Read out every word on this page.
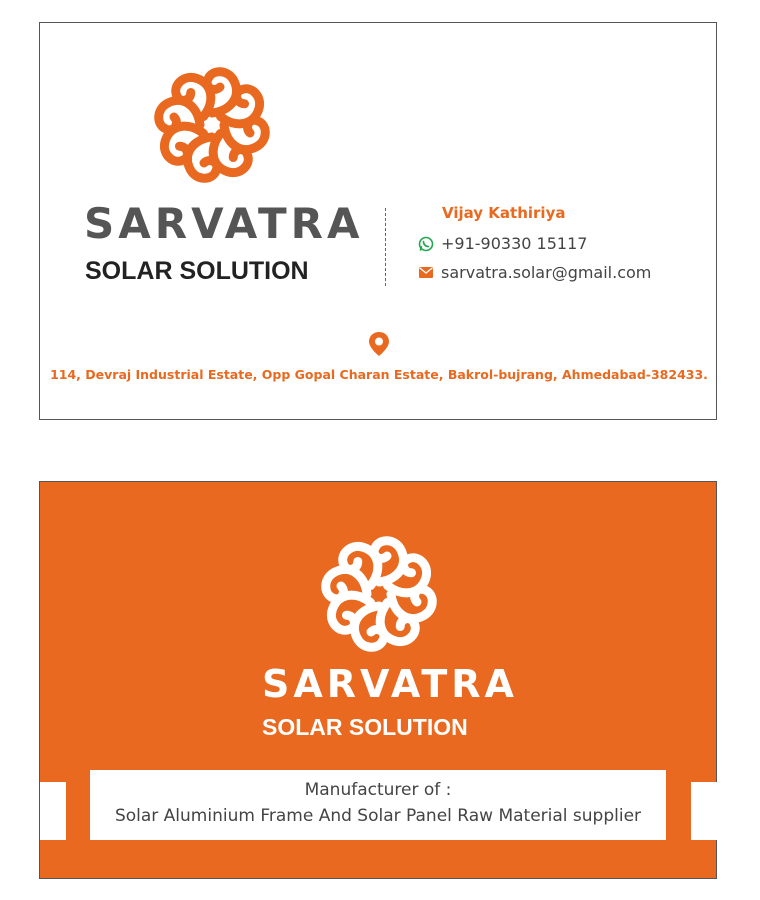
SARVATRA
SOLAR SOLUTION
Vijay Kathiriya
+91-90330 15117
sarvatra.solar@gmail.com
114, Devraj Industrial Estate, Opp Gopal Charan Estate, Bakrol-bujrang, Ahmedabad-382433.
SARVATRA
SOLAR SOLUTION
Manufacturer of :
Solar Aluminium Frame And Solar Panel Raw Material supplier
